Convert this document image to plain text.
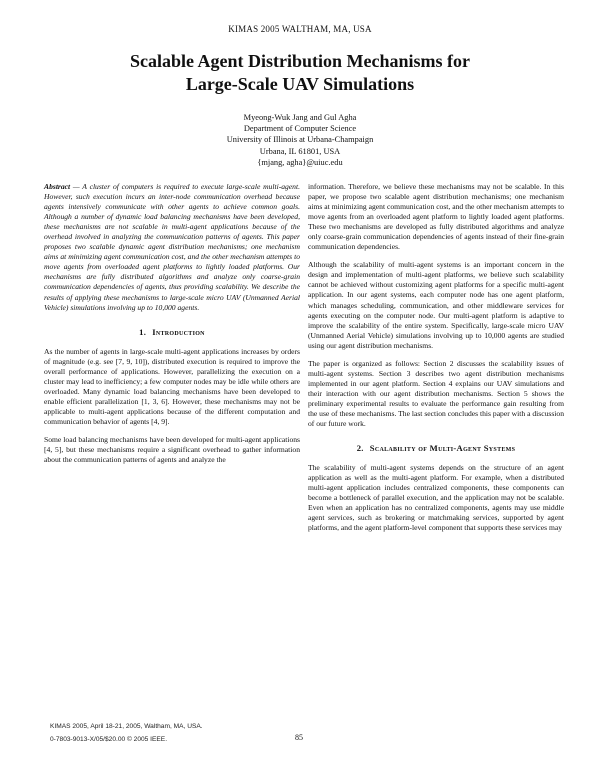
KIMAS 2005 WALTHAM, MA, USA
Scalable Agent Distribution Mechanisms for
Large-Scale UAV Simulations
Myeong-Wuk Jang and Gul Agha
Department of Computer Science
University of Illinois at Urbana-Champaign
Urbana, IL 61801, USA
{mjang, agha}@uiuc.edu

Abstract — A cluster of computers is required to execute large-scale multi-agent. However, such execution incurs an inter-node communication overhead because agents intensively communicate with other agents to achieve common goals. Although a number of dynamic load balancing mechanisms have been developed, these mechanisms are not scalable in multi-agent applications because of the overhead involved in analyzing the communication patterns of agents. This paper proposes two scalable dynamic agent distribution mechanisms; one mechanism aims at minimizing agent communication cost, and the other mechanism attempts to move agents from overloaded agent platforms to lightly loaded platforms. Our mechanisms are fully distributed algorithms and analyze only coarse-grain communication dependencies of agents, thus providing scalability. We describe the results of applying these mechanisms to large-scale micro UAV (Unmanned Aerial Vehicle) simulations involving up to 10,000 agents.

1. Introduction

As the number of agents in large-scale multi-agent applications increases by orders of magnitude (e.g. see [7, 9, 10]), distributed execution is required to improve the overall performance of applications. However, parallelizing the execution on a cluster may lead to inefficiency; a few computer nodes may be idle while others are overloaded. Many dynamic load balancing mechanisms have been developed to enable efficient parallelization [1, 3, 6]. However, these mechanisms may not be applicable to multi-agent applications because of the different computation and communication behavior of agents [4, 9].

Some load balancing mechanisms have been developed for multi-agent applications [4, 5], but these mechanisms require a significant overhead to gather information about the communication patterns of agents and analyze the

information. Therefore, we believe these mechanisms may not be scalable. In this paper, we propose two scalable agent distribution mechanisms; one mechanism aims at minimizing agent communication cost, and the other mechanism attempts to move agents from an overloaded agent platform to lightly loaded agent platforms. These two mechanisms are developed as fully distributed algorithms and analyze only coarse-grain communication dependencies of agents instead of their fine-grain communication dependencies.

Although the scalability of multi-agent systems is an important concern in the design and implementation of multi-agent platforms, we believe such scalability cannot be achieved without customizing agent platforms for a specific multi-agent application. In our agent systems, each computer node has one agent platform, which manages scheduling, communication, and other middleware services for agents executing on the computer node. Our multi-agent platform is adaptive to improve the scalability of the entire system. Specifically, large-scale micro UAV (Unmanned Aerial Vehicle) simulations involving up to 10,000 agents are studied using our agent distribution mechanisms.

The paper is organized as follows: Section 2 discusses the scalability issues of multi-agent systems. Section 3 describes two agent distribution mechanisms implemented in our agent platform. Section 4 explains our UAV simulations and their interaction with our agent distribution mechanisms. Section 5 shows the preliminary experimental results to evaluate the performance gain resulting from the use of these mechanisms. The last section concludes this paper with a discussion of our future work.

2. Scalability of Multi-Agent Systems

The scalability of multi-agent systems depends on the structure of an agent application as well as the multi-agent platform. For example, when a distributed multi-agent application includes centralized components, these components can become a bottleneck of parallel execution, and the application may not be scalable. Even when an application has no centralized components, agents may use middle agent services, such as brokering or matchmaking services, supported by agent platforms, and the agent platform-level component that supports these services may

KIMAS 2005, April 18-21, 2005, Waltham, MA, USA.
0-7803-9013-X/05/$20.00 © 2005 IEEE.	85
